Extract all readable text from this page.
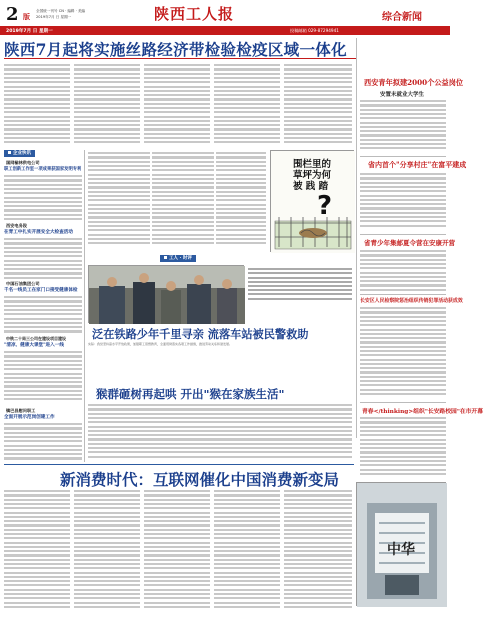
2 版
全国统一刊号 CN · 编辑 · 美编
2019年7月 日 星期一	陕西工人报	综合新闻
2019年7月 日 星期一	投稿邮箱 029-87294941
陕西7月起将实施丝路经济带检验检疫区域一体化
西安青年拟建2000个公益岗位
安置未就业大学生
省内首个"分享村庄"在富平建成
省青少年集邮夏令营在安康开营
长安区人民检察院惩治组织传销犯罪活动获成效
青春</thinking>组织"长安路校园"在市开幕
企业快讯
国网榆林供电公司
职工创新工作室一项成果获国家发明专利
西安电务段
在青工中扎实开展安全大检查活动
中国石油集团公司
千名一线员工在家门口接受健康体检
中铁二十局三公司在建设项目建设
"清凉、健康大课堂"进入一线
镇巴县慰问职工
全面开展示范岗创建工作
围栏里的
草坪为何
被 践 踏
?
工人 · 时评
泛在铁路少年千里寻亲 流落车站被民警救助
实际：我党坚持高水平开放政策，加强职工思想教育，全面贯彻落实各项工作措施，推进劳动关系和谐发展。
猴群砸树再起哄 开出"猴在家族生活"
中华
新消费时代：互联网催化中国消费新变局
